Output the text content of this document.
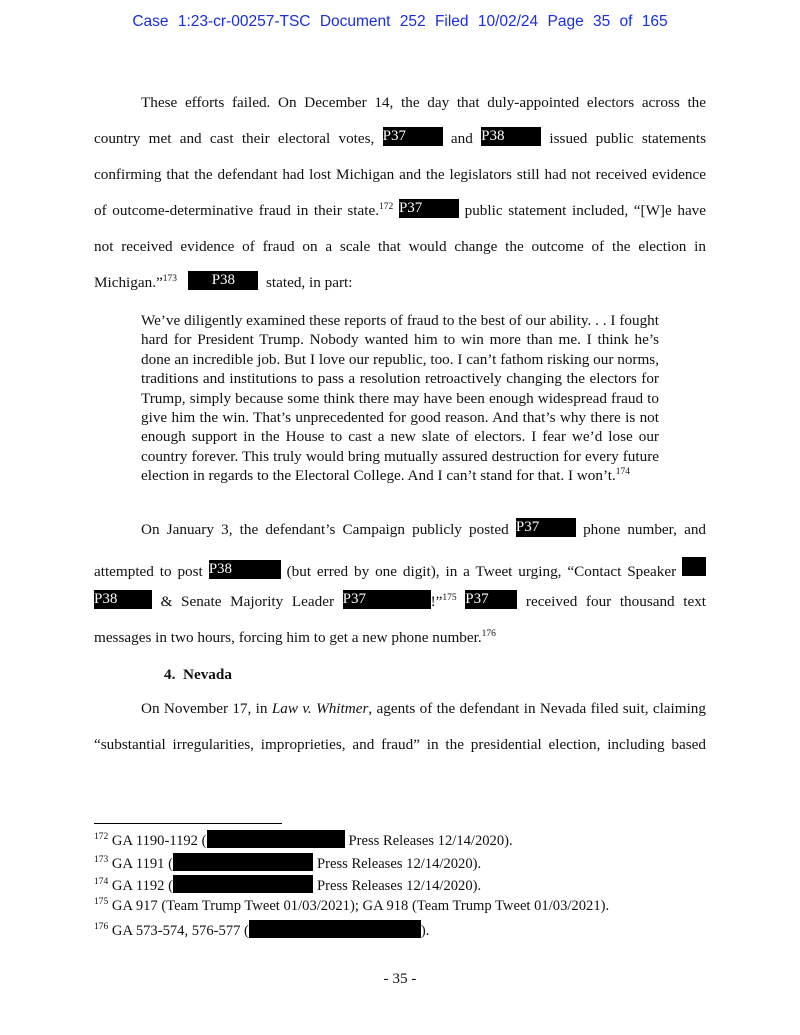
Case 1:23-cr-00257-TSC Document 252 Filed 10/02/24 Page 35 of 165
These efforts failed. On December 14, the day that duly-appointed electors across the
country met and cast their electoral votes, P37	and P38	issued public statements
confirming that the defendant had lost Michigan and the legislators still had not received evidence
of outcome-determinative fraud in their state.$^{172}$ P37	public statement included, “[W]e have
not received evidence of fraud on a scale that would change the outcome of the election in
Michigan.”$^{173}$ P38 stated, in part:

We’ve diligently examined these reports of fraud to the best of our ability. . . I fought hard for President Trump. Nobody wanted him to win more than me. I think he’s done an incredible job. But I love our republic, too. I can’t fathom risking our norms, traditions and institutions to pass a resolution retroactively changing the electors for Trump, simply because some think there may have been enough widespread fraud to give him the win. That’s unprecedented for good reason. And that’s why there is not enough support in the House to cast a new slate of electors. I fear we’d lose our country forever. This truly would bring mutually assured destruction for every future election in regards to the Electoral College. And I can’t stand for that. I won’t.$^{174}$

On January 3, the defendant’s Campaign publicly posted P37	phone number, and
attempted to post P38	(but erred by one digit), in a Tweet urging, “Contact Speaker
P38	& Senate Majority Leader P37	!”$^{175}$ P37 received four thousand text
messages in two hours, forcing him to get a new phone number.$^{176}$
4.  Nevada
On November 17, in Law v. Whitmer, agents of the defendant in Nevada filed suit, claiming
“substantial irregularities, improprieties, and fraud” in the presidential election, including based
$^{172}$ GA 1190-1192 (	Press Releases 12/14/2020).
$^{173}$ GA 1191 (	Press Releases 12/14/2020).
$^{174}$ GA 1192 (	Press Releases 12/14/2020).
$^{175}$ GA 917 (Team Trump Tweet 01/03/2021); GA 918 (Team Trump Tweet 01/03/2021).
$^{176}$ GA 573-574, 576-577 (	).
- 35 -
